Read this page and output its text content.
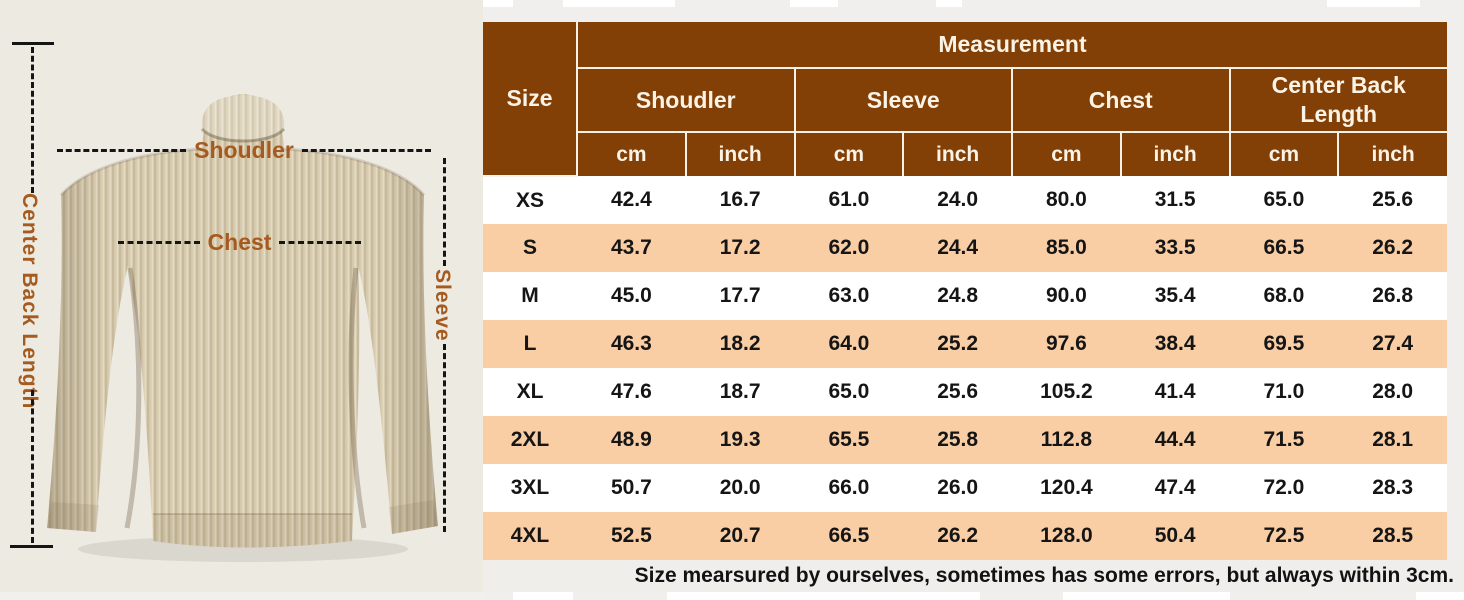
Shoudler
Chest
Center Back Length	Sleeve
Size	Measurement							
	Shoudler		Sleeve		Chest		Center Back Length	
	cm	inch	cm	inch	cm	inch	cm	inch
XS	42.4	16.7	61.0	24.0	80.0	31.5	65.0	25.6
S	43.7	17.2	62.0	24.4	85.0	33.5	66.5	26.2
M	45.0	17.7	63.0	24.8	90.0	35.4	68.0	26.8
L	46.3	18.2	64.0	25.2	97.6	38.4	69.5	27.4
XL	47.6	18.7	65.0	25.6	105.2	41.4	71.0	28.0
2XL	48.9	19.3	65.5	25.8	112.8	44.4	71.5	28.1
3XL	50.7	20.0	66.0	26.0	120.4	47.4	72.0	28.3
4XL	52.5	20.7	66.5	26.2	128.0	50.4	72.5	28.5
Size mearsured by ourselves, sometimes has some errors, but always within 3cm.
